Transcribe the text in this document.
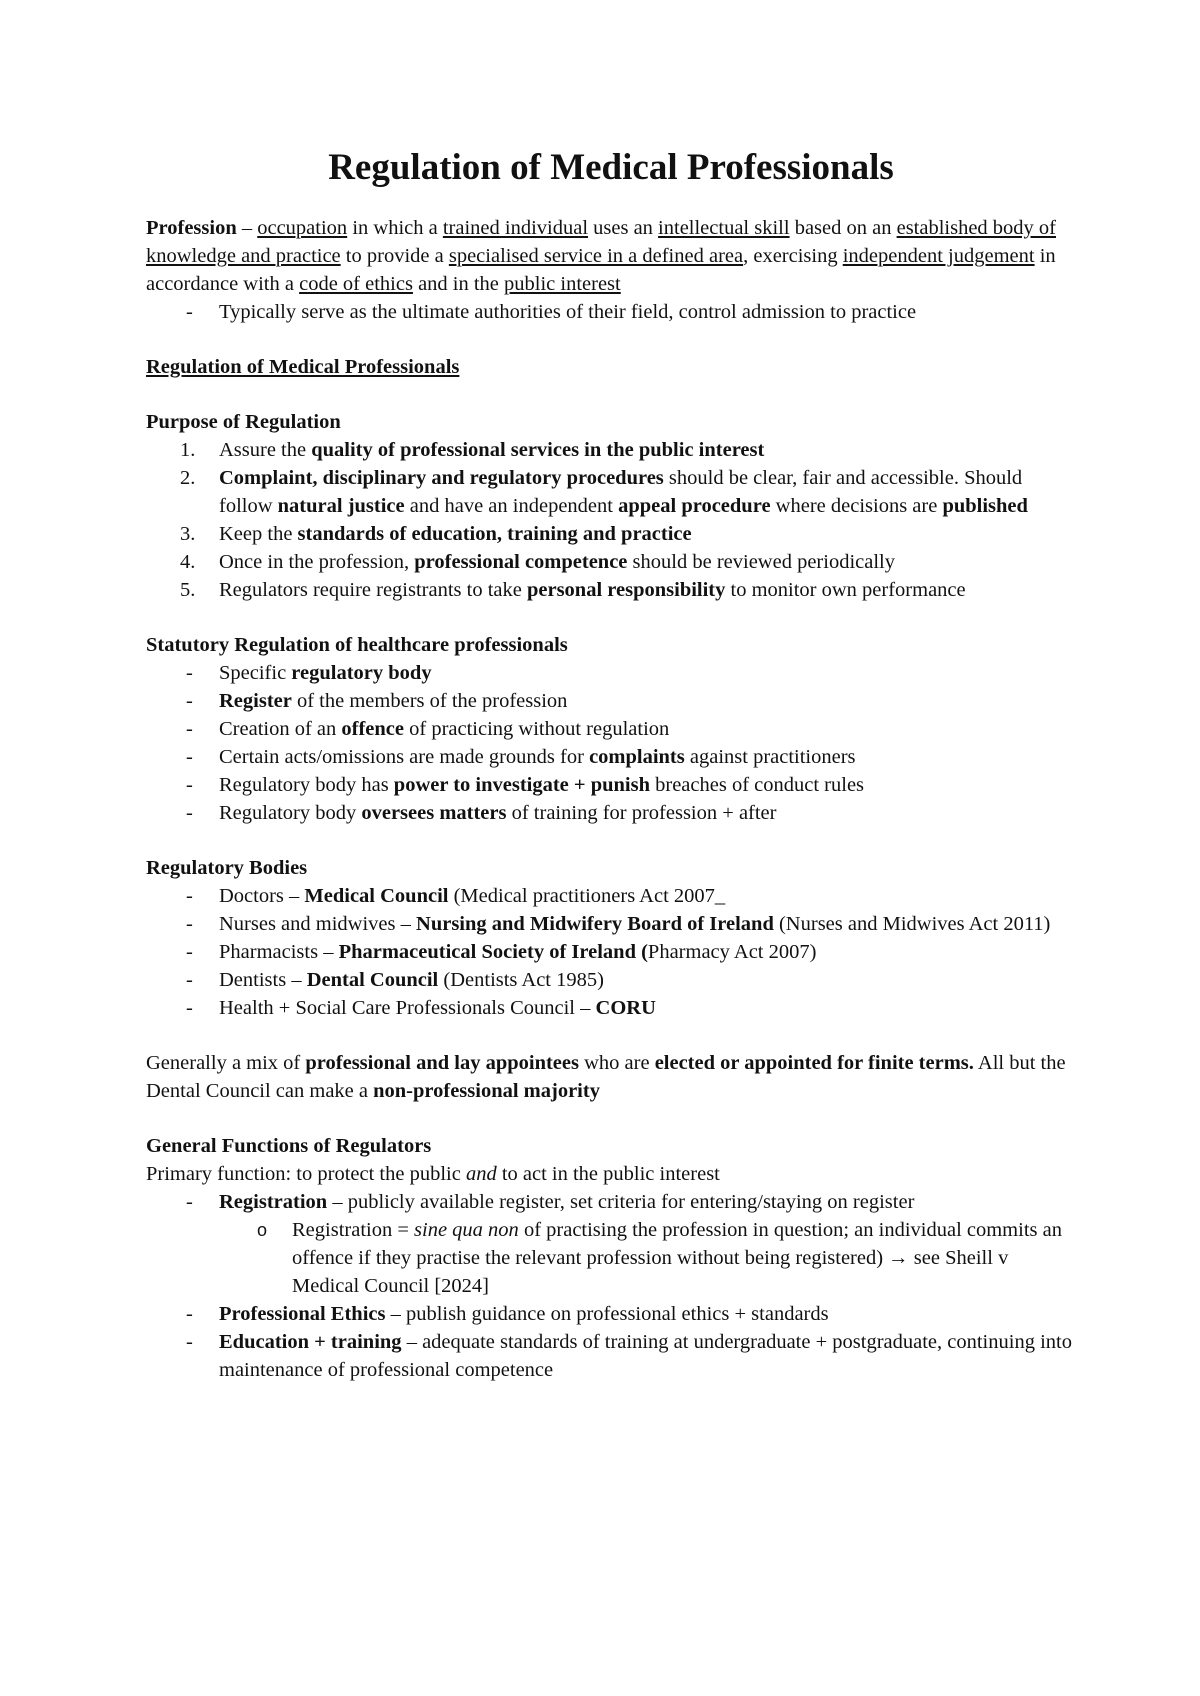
Regulation of Medical Professionals

Profession – occupation in which a trained individual uses an intellectual skill based on an established body of knowledge and practice to provide a specialised service in a defined area, exercising independent judgement in accordance with a code of ethics and in the public interest

- Typically serve as the ultimate authorities of their field, control admission to practice

Regulation of Medical Professionals

Purpose of Regulation

1. Assure the quality of professional services in the public interest
2. Complaint, disciplinary and regulatory procedures should be clear, fair and accessible. Should follow natural justice and have an independent appeal procedure where decisions are published
3. Keep the standards of education, training and practice
4. Once in the profession, professional competence should be reviewed periodically
5. Regulators require registrants to take personal responsibility to monitor own performance

Statutory Regulation of healthcare professionals

- Specific regulatory body
- Register of the members of the profession
- Creation of an offence of practicing without regulation
- Certain acts/omissions are made grounds for complaints against practitioners
- Regulatory body has power to investigate + punish breaches of conduct rules
- Regulatory body oversees matters of training for profession + after

Regulatory Bodies

- Doctors – Medical Council (Medical practitioners Act 2007_
- Nurses and midwives – Nursing and Midwifery Board of Ireland (Nurses and Midwives Act 2011)
- Pharmacists – Pharmaceutical Society of Ireland (Pharmacy Act 2007)
- Dentists – Dental Council (Dentists Act 1985)
- Health + Social Care Professionals Council – CORU

Generally a mix of professional and lay appointees who are elected or appointed for finite terms. All but the Dental Council can make a non-professional majority

General Functions of Regulators

Primary function: to protect the public and to act in the public interest

- Registration – publicly available register, set criteria for entering/staying on register
o Registration = sine qua non of practising the profession in question; an individual commits an offence if they practise the relevant profession without being registered) → see Sheill v Medical Council [2024]
- Professional Ethics – publish guidance on professional ethics + standards
- Education + training – adequate standards of training at undergraduate + postgraduate, continuing into maintenance of professional competence
